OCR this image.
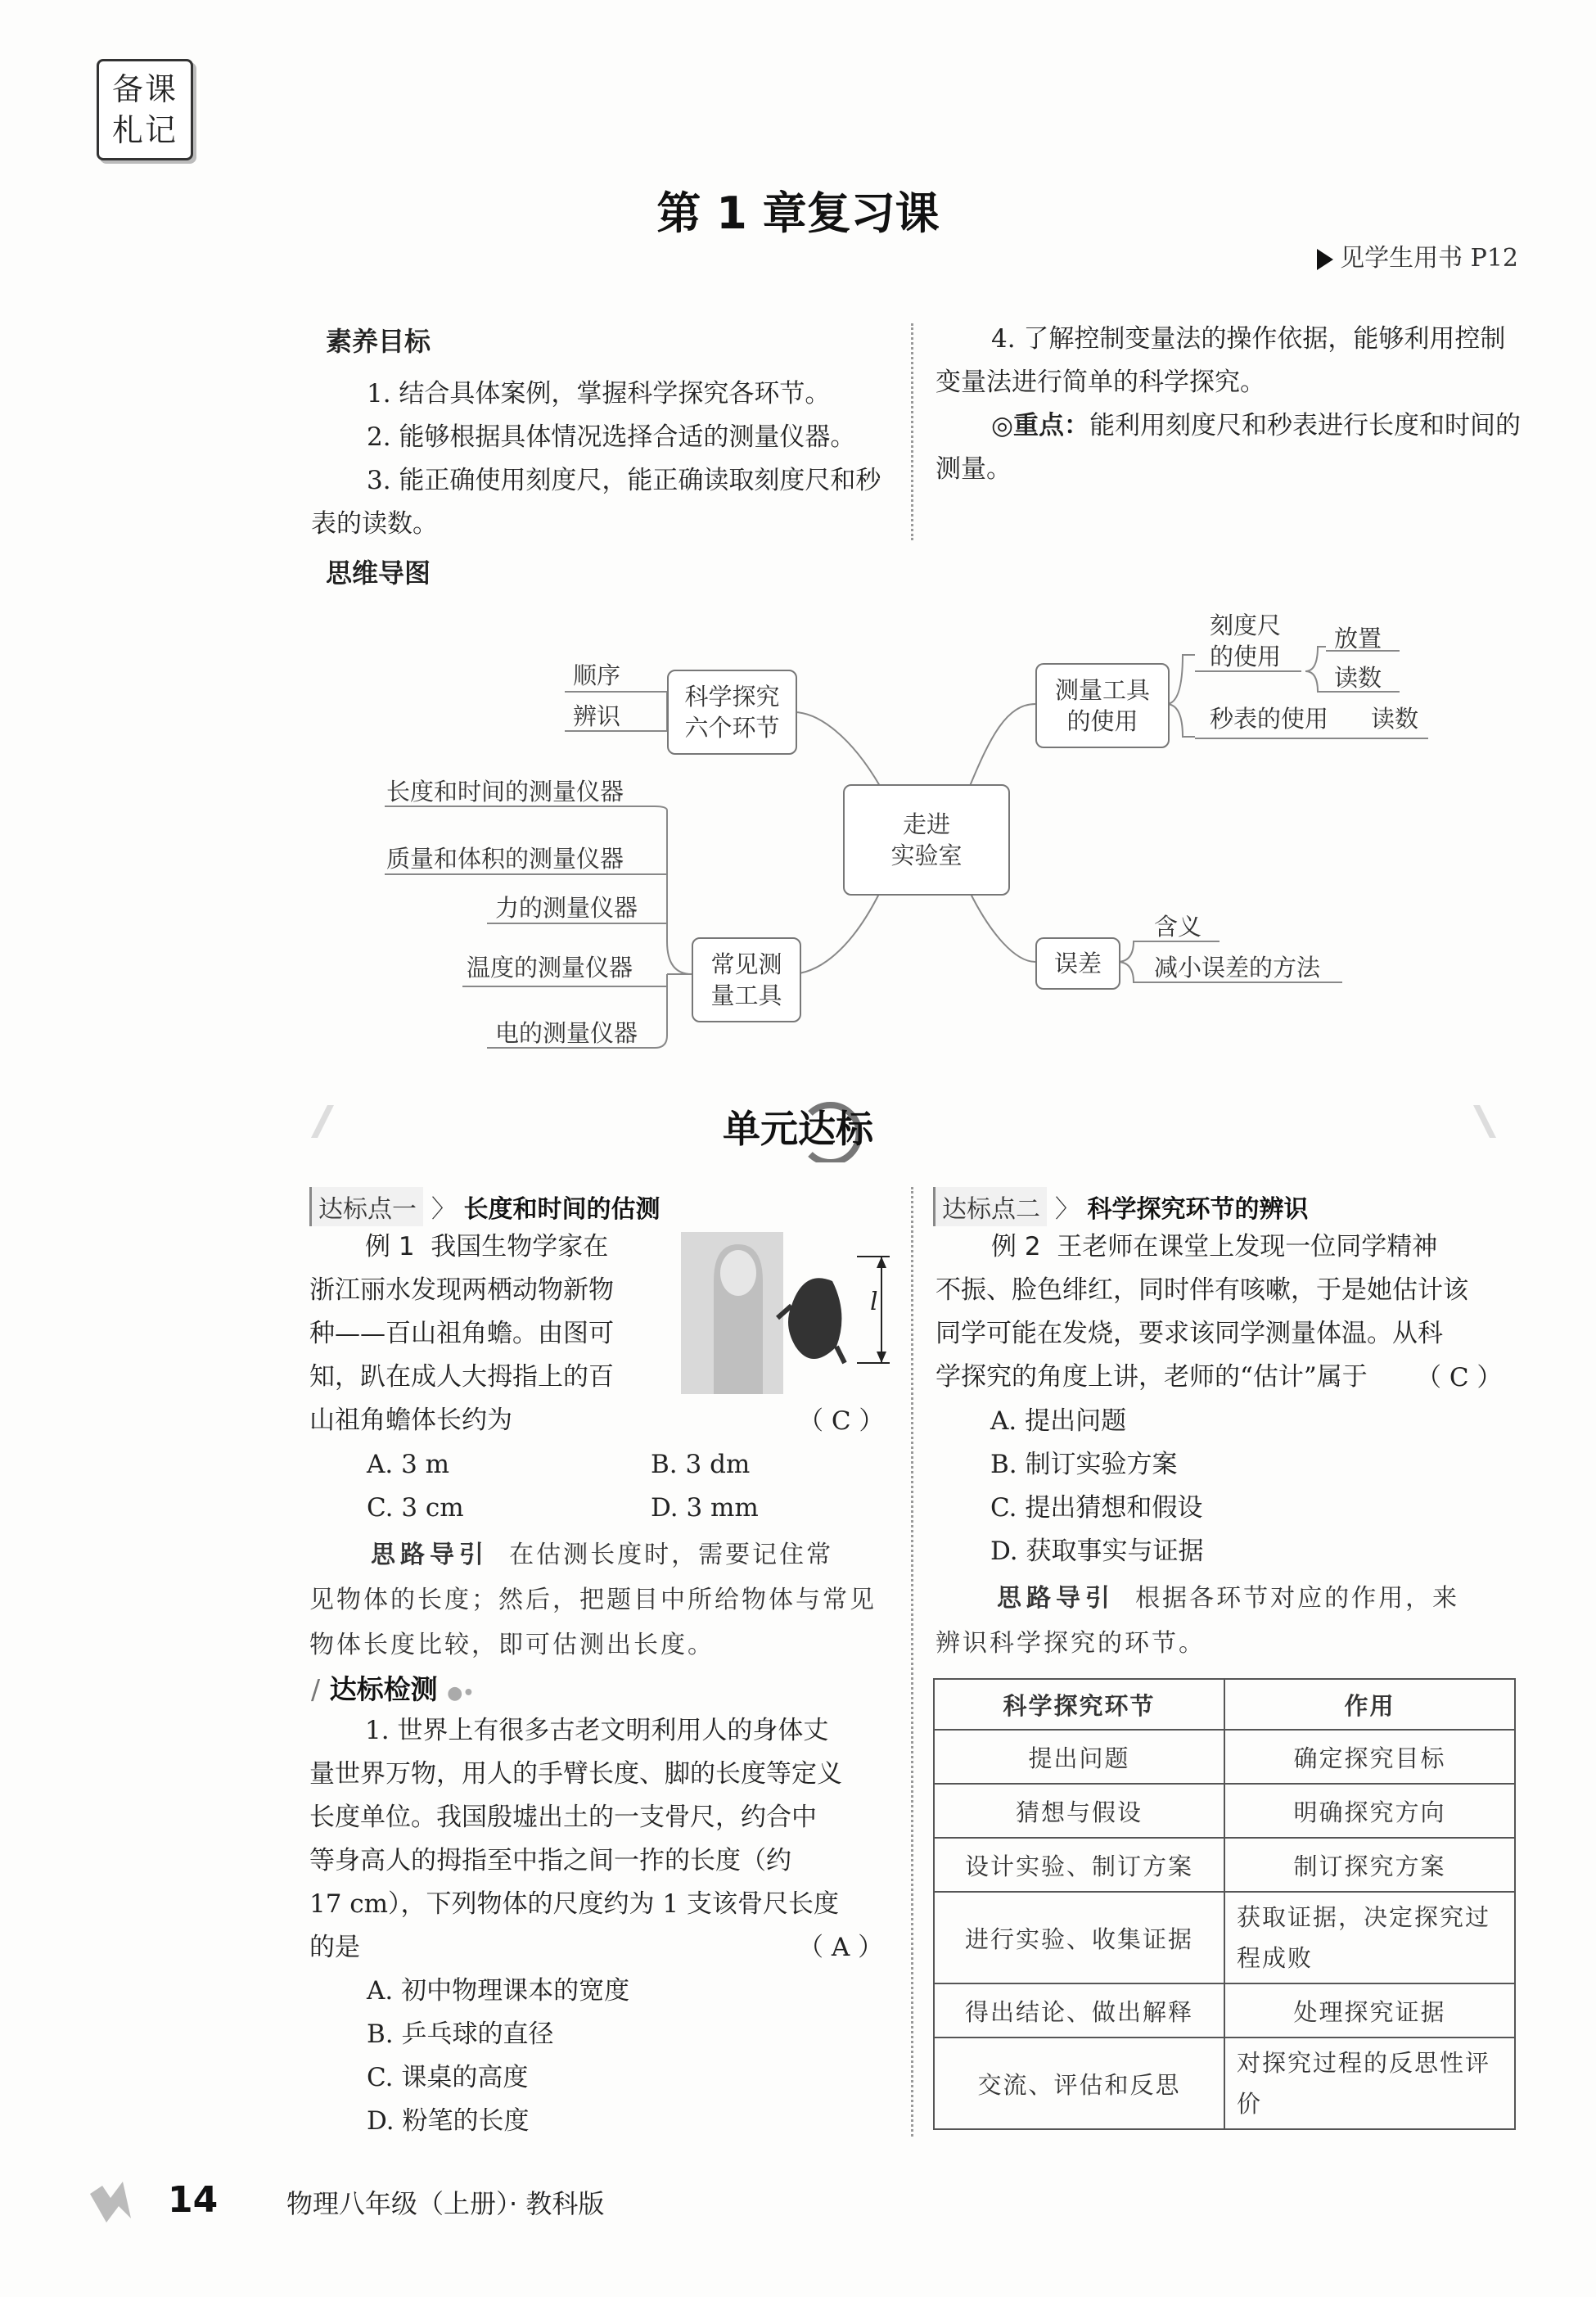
备课
札记
第 1 章复习课
见学生用书 P12
素养目标
1. 结合具体案例，掌握科学探究各环节。
2. 能够根据具体情况选择合适的测量仪器。
3. 能正确使用刻度尺，能正确读取刻度尺和秒表的读数。
4. 了解控制变量法的操作依据，能够利用控制变量法进行简单的科学探究。
◎重点：能利用刻度尺和秒表进行长度和时间的测量。
思维导图
走进
实验室
科学探究
六个环节
顺序
辨识
测量工具
的使用
刻度尺
的使用
放置
读数
秒表的使用 读数
误差
含义
减小误差的方法
常见测
量工具
长度和时间的测量仪器
质量和体积的测量仪器
力的测量仪器
温度的测量仪器
电的测量仪器
单元达标
达标点一 〉 长度和时间的估测
例 1 我国生物学家在
浙江丽水发现两栖动物新物
种——百山祖角蟾。由图可
知，趴在成人大拇指上的百
山祖角蟾体长约为
l
（ C ）
A. 3 m	B. 3 dm
C. 3 cm	D. 3 mm
思路导引 在估测长度时，需要记住常
见物体的长度；然后，把题目中所给物体与常见
物体长度比较，即可估测出长度。
∕ 达标检测 ●•
1. 世界上有很多古老文明利用人的身体丈
量世界万物，用人的手臂长度、脚的长度等定义
长度单位。我国殷墟出土的一支骨尺，约合中
等身高人的拇指至中指之间一拃的长度（约
17 cm），下列物体的尺度约为 1 支该骨尺长度
的是	（ A ）
A. 初中物理课本的宽度
B. 乒乓球的直径
C. 课桌的高度
D. 粉笔的长度
达标点二 〉 科学探究环节的辨识
例 2 王老师在课堂上发现一位同学精神
不振、脸色绯红，同时伴有咳嗽，于是她估计该
同学可能在发烧，要求该同学测量体温。从科
学探究的角度上讲，老师的“估计”属于	（ C ）
A. 提出问题
B. 制订实验方案
C. 提出猜想和假设
D. 获取事实与证据
思路导引 根据各环节对应的作用，来
辨识科学探究的环节。
科学探究环节	作用
提出问题	确定探究目标
猜想与假设	明确探究方向
设计实验、制订方案	制订探究方案
进行实验、收集证据	获取证据，决定探究过程成败
得出结论、做出解释	处理探究证据
交流、评估和反思	对探究过程的反思性评价
14	物理八年级（上册）· 教科版
